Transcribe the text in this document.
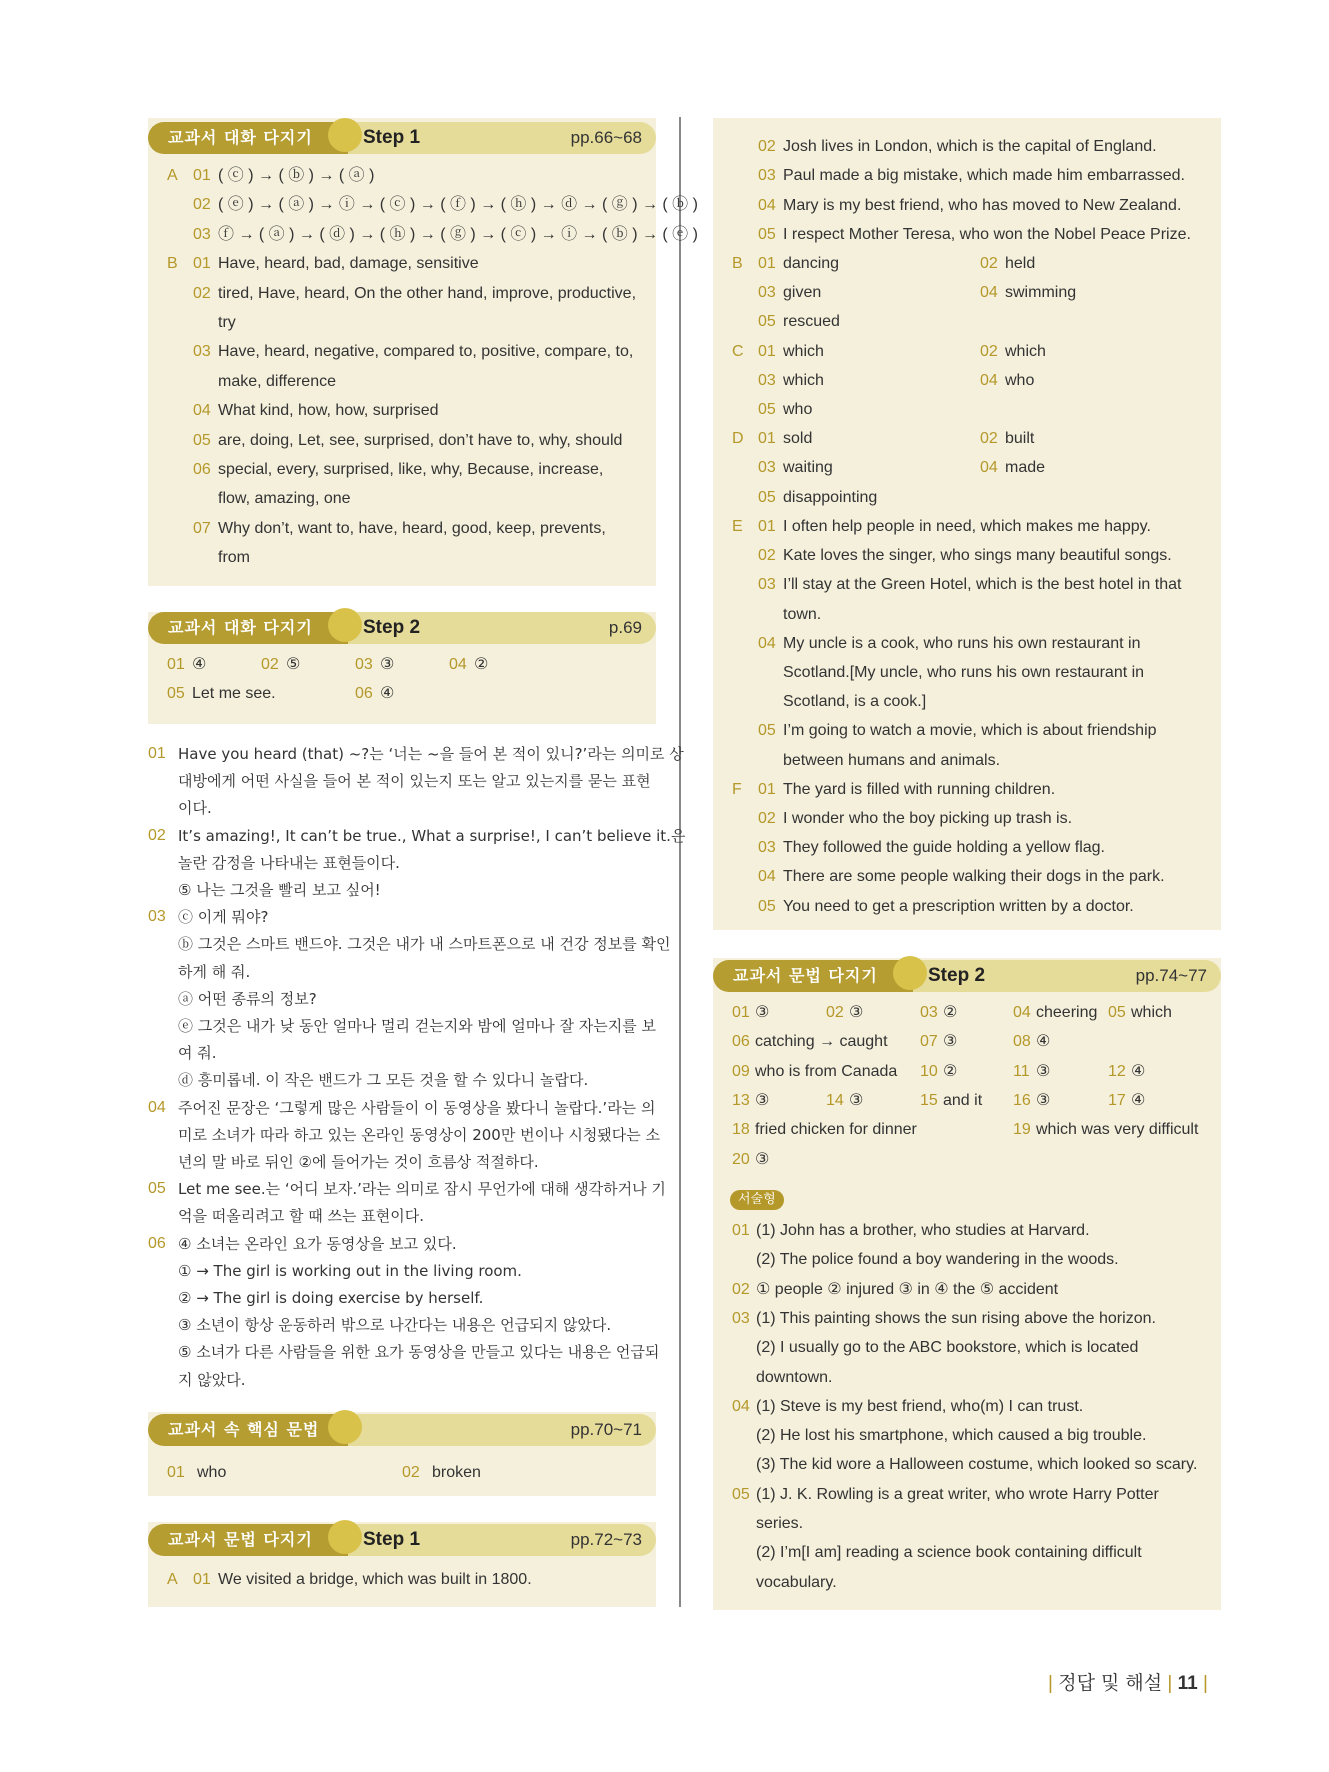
교과서 대화 다지기	Step 1	pp.66~68
A 01 ( ⓒ ) → ( ⓑ ) → ( ⓐ )
02 ( ⓔ ) → ( ⓐ ) → ⓘ → ( ⓒ ) → ( ⓕ ) → ( ⓗ ) → ⓓ → ( ⓖ ) → ( ⓑ )
03 ⓕ → ( ⓐ ) → ( ⓓ ) → ( ⓗ ) → ( ⓖ ) → ( ⓒ ) → ⓘ → ( ⓑ ) → ( ⓔ )
B 01 Have, heard, bad, damage, sensitive
02 tired, Have, heard, On the other hand, improve, productive,
try
03 Have, heard, negative, compared to, positive, compare, to,
make, difference
04 What kind, how, how, surprised
05 are, doing, Let, see, surprised, don’t have to, why, should
06 special, every, surprised, like, why, Because, increase,
flow, amazing, one
07 Why don’t, want to, have, heard, good, keep, prevents,
from
교과서 대화 다지기	Step 2	p.69
01 ④	02 ⑤	03 ③	04 ②
05 Let me see.	06 ④
01 Have you heard (that) ~?는 ‘너는 ~을 들어 본 적이 있니?’라는 의미로 상
대방에게 어떤 사실을 들어 본 적이 있는지 또는 알고 있는지를 묻는 표현
이다.
02 It’s amazing!, It can’t be true., What a surprise!, I can’t believe it.은
놀란 감정을 나타내는 표현들이다.
⑤ 나는 그것을 빨리 보고 싶어!
03 ⓒ 이게 뭐야?
ⓑ 그것은 스마트 밴드야. 그것은 내가 내 스마트폰으로 내 건강 정보를 확인
하게 해 줘.
ⓐ 어떤 종류의 정보?
ⓔ 그것은 내가 낮 동안 얼마나 멀리 걷는지와 밤에 얼마나 잘 자는지를 보
여 줘.
ⓓ 흥미롭네. 이 작은 밴드가 그 모든 것을 할 수 있다니 놀랍다.
04 주어진 문장은 ‘그렇게 많은 사람들이 이 동영상을 봤다니 놀랍다.’라는 의
미로 소녀가 따라 하고 있는 온라인 동영상이 200만 번이나 시청됐다는 소
년의 말 바로 뒤인 ②에 들어가는 것이 흐름상 적절하다.
05 Let me see.는 ‘어디 보자.’라는 의미로 잠시 무언가에 대해 생각하거나 기
억을 떠올리려고 할 때 쓰는 표현이다.
06 ④ 소녀는 온라인 요가 동영상을 보고 있다.
① → The girl is working out in the living room.
② → The girl is doing exercise by herself.
③ 소년이 항상 운동하러 밖으로 나간다는 내용은 언급되지 않았다.
⑤ 소녀가 다른 사람들을 위한 요가 동영상을 만들고 있다는 내용은 언급되
지 않았다.
교과서 속 핵심 문법	pp.70~71
01 who	02 broken
교과서 문법 다지기	Step 1	pp.72~73
A 01 We visited a bridge, which was built in 1800.
02 Josh lives in London, which is the capital of England.
03 Paul made a big mistake, which made him embarrassed.
04 Mary is my best friend, who has moved to New Zealand.
05 I respect Mother Teresa, who won the Nobel Peace Prize.
B 01 dancing	02 held
03 given	04 swimming
05 rescued
C 01 which	02 which
03 which	04 who
05 who
D 01 sold	02 built
03 waiting	04 made
05 disappointing
E 01 I often help people in need, which makes me happy.
02 Kate loves the singer, who sings many beautiful songs.
03 I’ll stay at the Green Hotel, which is the best hotel in that
town.
04 My uncle is a cook, who runs his own restaurant in
Scotland.[My uncle, who runs his own restaurant in
Scotland, is a cook.]
05 I’m going to watch a movie, which is about friendship
between humans and animals.
F 01 The yard is filled with running children.
02 I wonder who the boy picking up trash is.
03 They followed the guide holding a yellow flag.
04 There are some people walking their dogs in the park.
05 You need to get a prescription written by a doctor.
교과서 문법 다지기	Step 2	pp.74~77
01 ③	02 ③	03 ②	04 cheering 05 which
06 catching → caught 07 ③	08 ④
09 who is from Canada 10 ②	11 ③	12 ④
13 ③	14 ③	15 and it 16 ③	17 ④
18 fried chicken for dinner	19 which was very difficult
20 ③
서술형
01 (1) John has a brother, who studies at Harvard.
(2) The police found a boy wandering in the woods.
02 ① people ② injured ③ in ④ the ⑤ accident
03 (1) This painting shows the sun rising above the horizon.
(2) I usually go to the ABC bookstore, which is located
downtown.
04 (1) Steve is my best friend, who(m) I can trust.
(2) He lost his smartphone, which caused a big trouble.
(3) The kid wore a Halloween costume, which looked so scary.
05 (1) J. K. Rowling is a great writer, who wrote Harry Potter
series.
(2) I’m[I am] reading a science book containing difficult
vocabulary.
| 정답 및 해설 | 11 |
